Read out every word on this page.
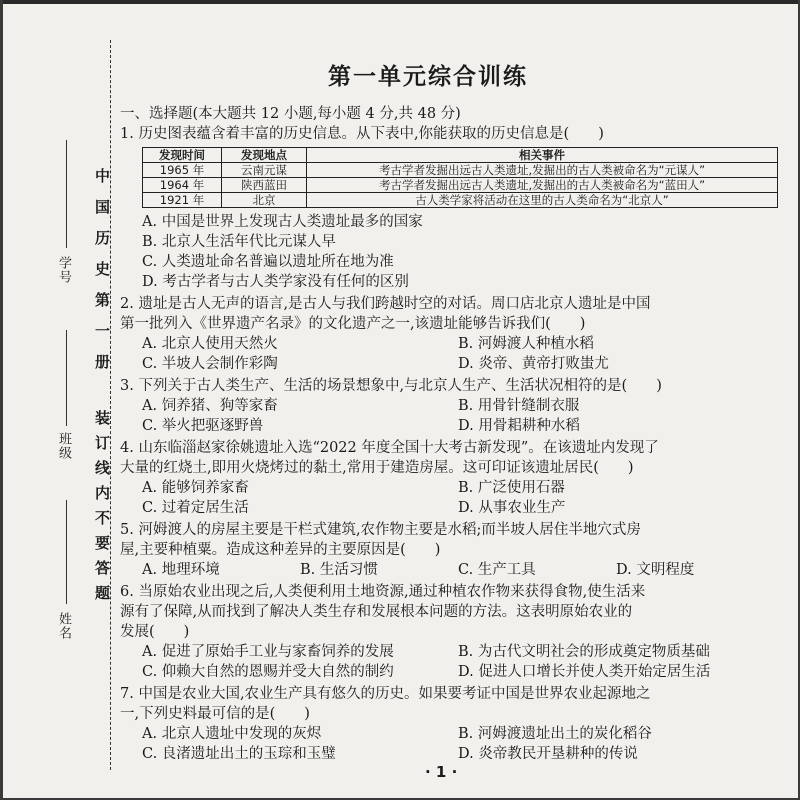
学号
班级
姓名
中国历史第一册
装订线内不要答题
第一单元综合训练
一、选择题(本大题共 12 小题,每小题 4 分,共 48 分)
1. 历史图表蕴含着丰富的历史信息。从下表中,你能获取的历史信息是(　　)
发现时间	发现地点	相关事件
1965 年	云南元谋	考古学者发掘出远古人类遗址,发掘出的古人类被命名为“元谋人”
1964 年	陕西蓝田	考古学者发掘出远古人类遗址,发掘出的古人类被命名为“蓝田人”
1921 年	北京	古人类学家将活动在这里的古人类命名为“北京人”
A. 中国是世界上发现古人类遗址最多的国家
B. 北京人生活年代比元谋人早
C. 人类遗址命名普遍以遗址所在地为准
D. 考古学者与古人类学家没有任何的区别
2. 遗址是古人无声的语言,是古人与我们跨越时空的对话。周口店北京人遗址是中国
第一批列入《世界遗产名录》的文化遗产之一,该遗址能够告诉我们(　　)
A. 北京人使用天然火	B. 河姆渡人种植水稻
C. 半坡人会制作彩陶	D. 炎帝、黄帝打败蚩尤
3. 下列关于古人类生产、生活的场景想象中,与北京人生产、生活状况相符的是(　　)
A. 饲养猪、狗等家畜	B. 用骨针缝制衣服
C. 举火把驱逐野兽	D. 用骨耜耕种水稻
4. 山东临淄赵家徐姚遗址入选“2022 年度全国十大考古新发现”。在该遗址内发现了
大量的红烧土,即用火烧烤过的黏土,常用于建造房屋。这可印证该遗址居民(　　)
A. 能够饲养家畜	B. 广泛使用石器
C. 过着定居生活	D. 从事农业生产
5. 河姆渡人的房屋主要是干栏式建筑,农作物主要是水稻;而半坡人居住半地穴式房
屋,主要种植粟。造成这种差异的主要原因是(　　)
A. 地理环境	B. 生活习惯	C. 生产工具	D. 文明程度
6. 当原始农业出现之后,人类便利用土地资源,通过种植农作物来获得食物,使生活来
源有了保障,从而找到了解决人类生存和发展根本问题的方法。这表明原始农业的
发展(　　)
A. 促进了原始手工业与家畜饲养的发展	B. 为古代文明社会的形成奠定物质基础
C. 仰赖大自然的恩赐并受大自然的制约	D. 促进人口增长并使人类开始定居生活
7. 中国是农业大国,农业生产具有悠久的历史。如果要考证中国是世界农业起源地之
一,下列史料最可信的是(　　)
A. 北京人遗址中发现的灰烬	B. 河姆渡遗址出土的炭化稻谷
C. 良渚遗址出土的玉琮和玉璧	D. 炎帝教民开垦耕种的传说
· 1 ·
